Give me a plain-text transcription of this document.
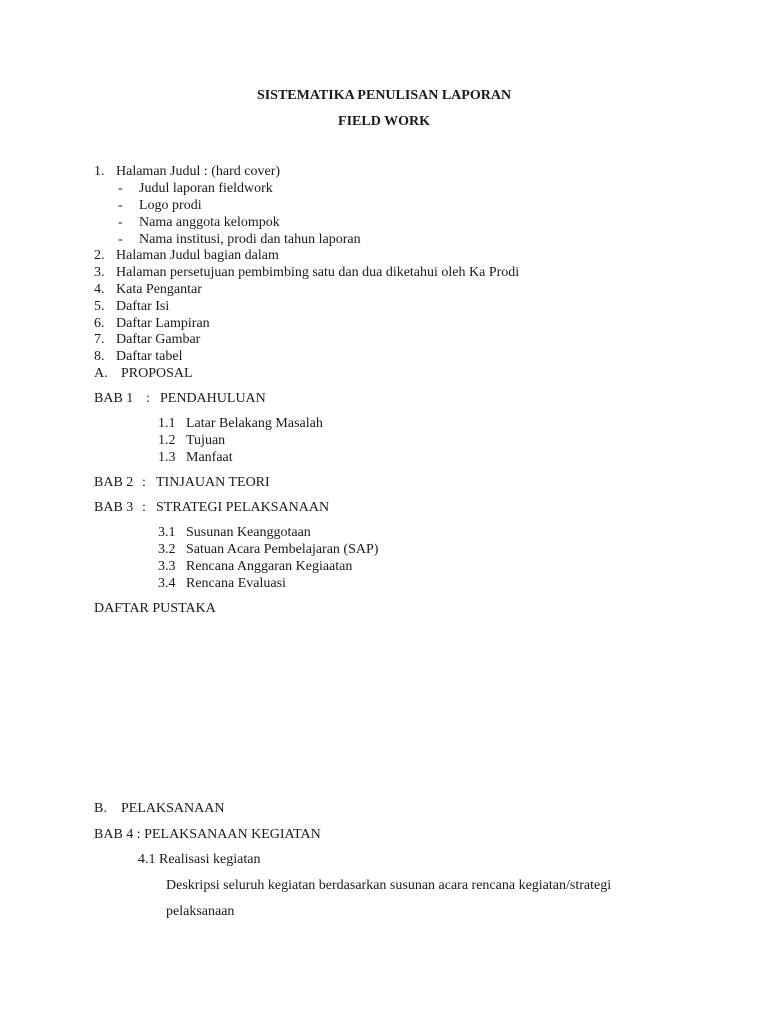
SISTEMATIKA PENULISAN LAPORAN
FIELD WORK
1. Halaman Judul : (hard cover)
- Judul laporan fieldwork
- Logo prodi
- Nama anggota kelompok
- Nama institusi, prodi dan tahun laporan
2. Halaman Judul bagian dalam
3. Halaman persetujuan pembimbing satu dan dua diketahui oleh Ka Prodi
4. Kata Pengantar
5. Daftar Isi
6. Daftar Lampiran
7. Daftar Gambar
8. Daftar tabel
A. PROPOSAL
BAB 1 : PENDAHULUAN
1.1 Latar Belakang Masalah
1.2 Tujuan
1.3 Manfaat
BAB 2 : TINJAUAN TEORI
BAB 3 : STRATEGI PELAKSANAAN
3.1 Susunan Keanggotaan
3.2 Satuan Acara Pembelajaran (SAP)
3.3 Rencana Anggaran Kegiaatan
3.4 Rencana Evaluasi
DAFTAR PUSTAKA
B. PELAKSANAAN
BAB 4 : PELAKSANAAN KEGIATAN
4.1 Realisasi kegiatan
Deskripsi seluruh kegiatan berdasarkan susunan acara rencana kegiatan/strategi
pelaksanaan
